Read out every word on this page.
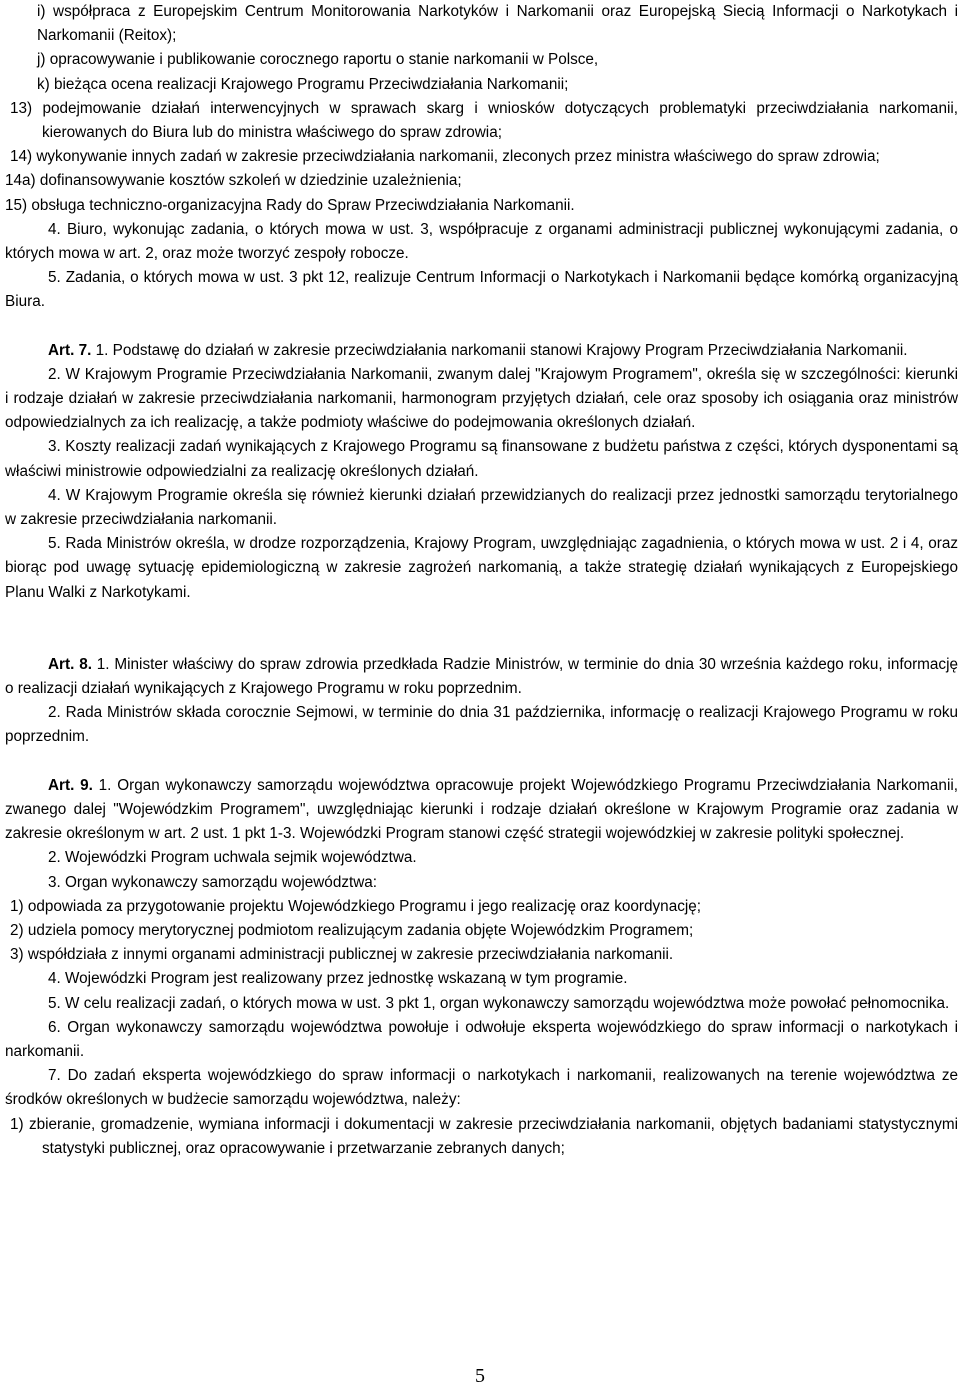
i) współpraca z Europejskim Centrum Monitorowania Narkotyków i Narkomanii oraz Europejską Siecią Informacji o Narkotykach i Narkomanii (Reitox);

j) opracowywanie i publikowanie corocznego raportu o stanie narkomanii w Polsce,

k) bieżąca ocena realizacji Krajowego Programu Przeciwdziałania Narkomanii;

13) podejmowanie działań interwencyjnych w sprawach skarg i wniosków dotyczących problematyki przeciwdziałania narkomanii, kierowanych do Biura lub do ministra właściwego do spraw zdrowia;

14) wykonywanie innych zadań w zakresie przeciwdziałania narkomanii, zleconych przez ministra właściwego do spraw zdrowia;

14a) dofinansowywanie kosztów szkoleń w dziedzinie uzależnienia;

15) obsługa techniczno-organizacyjna Rady do Spraw Przeciwdziałania Narkomanii.

4. Biuro, wykonując zadania, o których mowa w ust. 3, współpracuje z organami administracji publicznej wykonującymi zadania, o których mowa w art. 2, oraz może tworzyć zespoły robocze.

5. Zadania, o których mowa w ust. 3 pkt 12, realizuje Centrum Informacji o Narkotykach i Narkomanii będące komórką organizacyjną Biura.

Art. 7. 1. Podstawę do działań w zakresie przeciwdziałania narkomanii stanowi Krajowy Program Przeciwdziałania Narkomanii.

2. W Krajowym Programie Przeciwdziałania Narkomanii, zwanym dalej "Krajowym Programem", określa się w szczególności: kierunki i rodzaje działań w zakresie przeciwdziałania narkomanii, harmonogram przyjętych działań, cele oraz sposoby ich osiągania oraz ministrów odpowiedzialnych za ich realizację, a także podmioty właściwe do podejmowania określonych działań.

3. Koszty realizacji zadań wynikających z Krajowego Programu są finansowane z budżetu państwa z części, których dysponentami są właściwi ministrowie odpowiedzialni za realizację określonych działań.

4. W Krajowym Programie określa się również kierunki działań przewidzianych do realizacji przez jednostki samorządu terytorialnego w zakresie przeciwdziałania narkomanii.

5. Rada Ministrów określa, w drodze rozporządzenia, Krajowy Program, uwzględniając zagadnienia, o których mowa w ust. 2 i 4, oraz biorąc pod uwagę sytuację epidemiologiczną w zakresie zagrożeń narkomanią, a także strategię działań wynikających z Europejskiego Planu Walki z Narkotykami.

Art. 8. 1. Minister właściwy do spraw zdrowia przedkłada Radzie Ministrów, w terminie do dnia 30 września każdego roku, informację o realizacji działań wynikających z Krajowego Programu w roku poprzednim.

2. Rada Ministrów składa corocznie Sejmowi, w terminie do dnia 31 października, informację o realizacji Krajowego Programu w roku poprzednim.

Art. 9. 1. Organ wykonawczy samorządu województwa opracowuje projekt Wojewódzkiego Programu Przeciwdziałania Narkomanii, zwanego dalej "Wojewódzkim Programem", uwzględniając kierunki i rodzaje działań określone w Krajowym Programie oraz zadania w zakresie określonym w art. 2 ust. 1 pkt 1-3. Wojewódzki Program stanowi część strategii wojewódzkiej w zakresie polityki społecznej.

2. Wojewódzki Program uchwala sejmik województwa.

3. Organ wykonawczy samorządu województwa:

1) odpowiada za przygotowanie projektu Wojewódzkiego Programu i jego realizację oraz koordynację;

2) udziela pomocy merytorycznej podmiotom realizującym zadania objęte Wojewódzkim Programem;

3) współdziała z innymi organami administracji publicznej w zakresie przeciwdziałania narkomanii.

4. Wojewódzki Program jest realizowany przez jednostkę wskazaną w tym programie.

5. W celu realizacji zadań, o których mowa w ust. 3 pkt 1, organ wykonawczy samorządu województwa może powołać pełnomocnika.

6. Organ wykonawczy samorządu województwa powołuje i odwołuje eksperta wojewódzkiego do spraw informacji o narkotykach i narkomanii.

7. Do zadań eksperta wojewódzkiego do spraw informacji o narkotykach i narkomanii, realizowanych na terenie województwa ze środków określonych w budżecie samorządu województwa, należy:

1) zbieranie, gromadzenie, wymiana informacji i dokumentacji w zakresie przeciwdziałania narkomanii, objętych badaniami statystycznymi statystyki publicznej, oraz opracowywanie i przetwarzanie zebranych danych;

5
